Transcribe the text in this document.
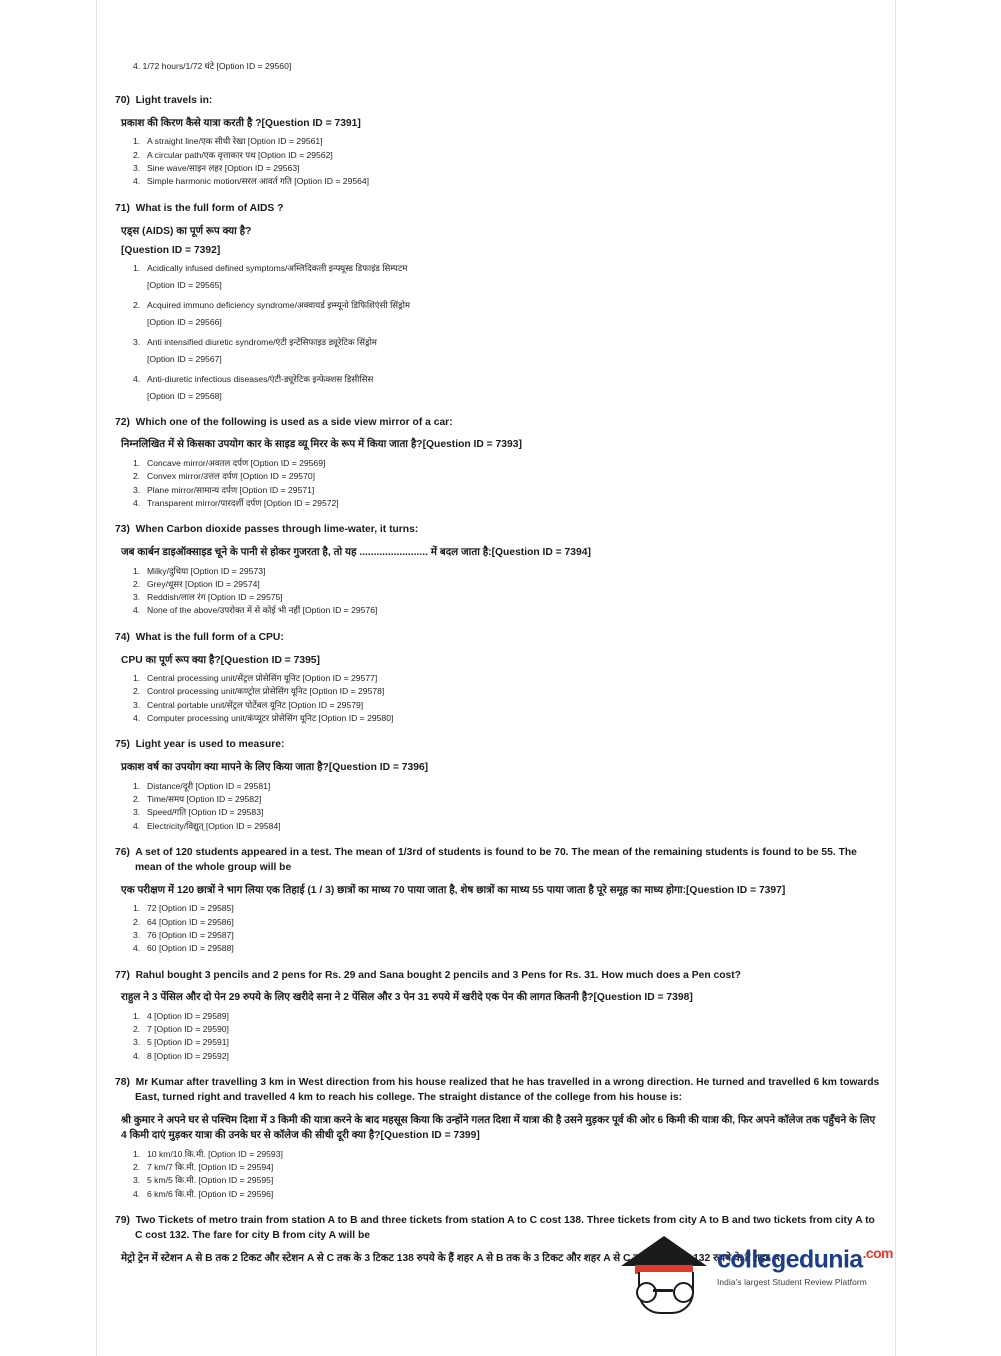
4. 1/72 hours/1/72 घंटे [Option ID = 29560]

70) Light travels in:

प्रकाश की किरण कैसे यात्रा करती है ?[Question ID = 7391]

1. A straight line/एक सीधी रेखा [Option ID = 29561]
2. A circular path/एक वृत्ताकार पथ [Option ID = 29562]
3. Sine wave/साइन लहर [Option ID = 29563]
4. Simple harmonic motion/सरल आवर्त गति [Option ID = 29564]

71) What is the full form of AIDS ?

एड्स (AIDS) का पूर्ण रूप क्या है?

[Question ID = 7392]

1. Acidically infused defined symptoms/अम्लिदिकली इन्फ्यूस्ड डिफाइंड सिम्पटम
[Option ID = 29565]
2. Acquired immuno deficiency syndrome/अक्वायर्ड इम्म्यूनो डिफिशिएंसी सिंड्रोम
[Option ID = 29566]
3. Anti intensified diuretic syndrome/एंटी इन्टेंसिफाइड ड्यूरेटिक सिंड्रोम
[Option ID = 29567]
4. Anti-diuretic infectious diseases/एंटी-ड्यूरेटिक इन्फेक्शस डिसीसिस
[Option ID = 29568]

72) Which one of the following is used as a side view mirror of a car:

निम्नलिखित में से किसका उपयोग कार के साइड व्यू मिरर के रूप में किया जाता है?[Question ID = 7393]

1. Concave mirror/अवतल दर्पण [Option ID = 29569]
2. Convex mirror/उत्तल दर्पण [Option ID = 29570]
3. Plane mirror/सामान्य दर्पण [Option ID = 29571]
4. Transparent mirror/पारदर्शी दर्पण [Option ID = 29572]

73) When Carbon dioxide passes through lime-water, it turns:

जब कार्बन डाइऑक्साइड चूने के पानी से होकर गुजरता है, तो यह ........................ में बदल जाता है:[Question ID = 7394]

1. Milky/दुधिया [Option ID = 29573]
2. Grey/धूसर [Option ID = 29574]
3. Reddish/लाल रंग [Option ID = 29575]
4. None of the above/उपरोक्त में से कोई भी नहीं [Option ID = 29576]

74) What is the full form of a CPU:

CPU का पूर्ण रूप क्या है?[Question ID = 7395]

1. Central processing unit/सेंट्रल प्रोसेसिंग यूनिट [Option ID = 29577]
2. Control processing unit/कण्ट्रोल प्रोसेसिंग यूनिट [Option ID = 29578]
3. Central portable unit/सेंट्रल पोर्टेबल यूनिट [Option ID = 29579]
4. Computer processing unit/कंप्यूटर प्रोसेसिंग यूनिट [Option ID = 29580]

75) Light year is used to measure:

प्रकाश वर्ष का उपयोग क्या मापने के लिए किया जाता है?[Question ID = 7396]

1. Distance/दूरी [Option ID = 29581]
2. Time/समय [Option ID = 29582]
3. Speed/गति [Option ID = 29583]
4. Electricity/विद्युत् [Option ID = 29584]

76) A set of 120 students appeared in a test. The mean of 1/3rd of students is found to be 70. The mean of the remaining students is found to be 55. The mean of the whole group will be

एक परीक्षण में 120 छात्रों ने भाग लिया एक तिहाई (1 / 3) छात्रों का माध्य 70 पाया जाता है, शेष छात्रों का माध्य 55 पाया जाता है पूरे समूह का माध्य होगा:[Question ID = 7397]

1. 72 [Option ID = 29585]
2. 64 [Option ID = 29586]
3. 76 [Option ID = 29587]
4. 60 [Option ID = 29588]

77) Rahul bought 3 pencils and 2 pens for Rs. 29 and Sana bought 2 pencils and 3 Pens for Rs. 31. How much does a Pen cost?

राहुल ने 3 पेंसिल और दो पेन 29 रुपये के लिए खरीदे सना ने 2 पेंसिल और 3 पेन 31 रुपये में खरीदे एक पेन की लागत कितनी है?[Question ID = 7398]

1. 4 [Option ID = 29589]
2. 7 [Option ID = 29590]
3. 5 [Option ID = 29591]
4. 8 [Option ID = 29592]

78) Mr Kumar after travelling 3 km in West direction from his house realized that he has travelled in a wrong direction. He turned and travelled 6 km towards East, turned right and travelled 4 km to reach his college. The straight distance of the college from his house is:

श्री कुमार ने अपने घर से पश्चिम दिशा में 3 किमी की यात्रा करने के बाद महसूस किया कि उन्होंने गलत दिशा में यात्रा की है उसने मुड़कर पूर्व की ओर 6 किमी की यात्रा की, फिर अपने कॉलेज तक पहुँचने के लिए 4 किमी दाएं मुड़कर यात्रा की उनके घर से कॉलेज की सीधी दूरी क्या है?[Question ID = 7399]

1. 10 km/10 कि.मी. [Option ID = 29593]
2. 7 km/7 कि.मी. [Option ID = 29594]
3. 5 km/5 कि.मी. [Option ID = 29595]
4. 6 km/6 कि.मी. [Option ID = 29596]

79) Two Tickets of metro train from station A to B and three tickets from station A to C cost 138. Three tickets from city A to B and two tickets from city A to C cost 132. The fare for city B from city A will be

मेट्रो ट्रेन में स्टेशन A से B तक 2 टिकट और स्टेशन A से C तक के 3 टिकट 138 रुपये के हैं शहर A से B तक के 3 टिकट और शहर A से C तक के 2 टिकट 132 रुपये के हैं शहर A

collegedunia$^{.com}$
India's largest Student Review Platform
